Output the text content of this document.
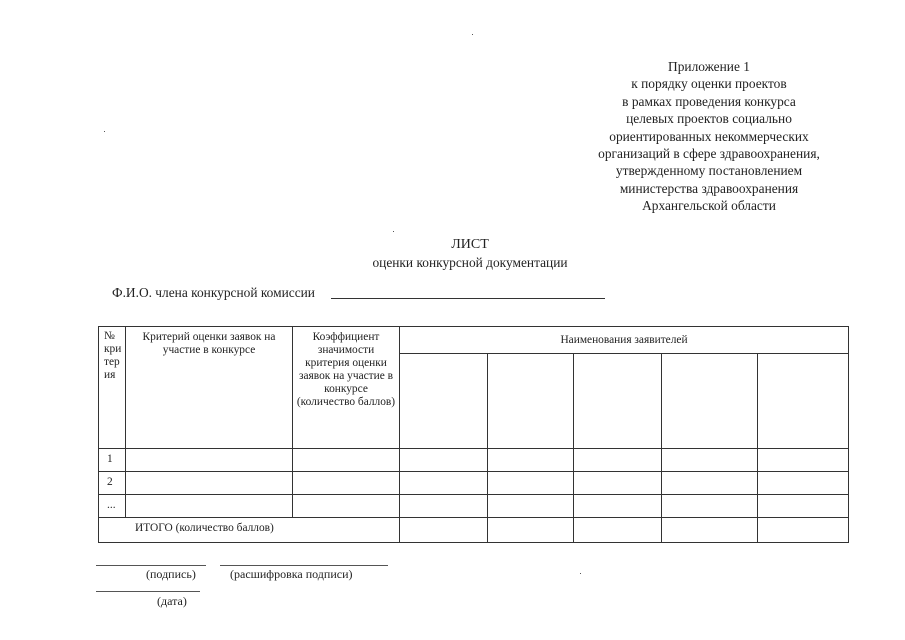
Приложение 1
к порядку оценки проектов
в рамках проведения конкурса
целевых проектов социально
ориентированных некоммерческих
организаций в сфере здравоохранения,
утвержденному постановлением
министерства здравоохранения
Архангельской области
ЛИСТ
оценки конкурсной документации
Ф.И.О. члена конкурсной комиссии
№ кри тер ия	Критерий оценки заявок на участие в конкурсе	Коэффициент значимости критерия оценки заявок на участие в конкурсе (количество баллов)	Наименования заявителей				

1							
2							
...							
ИТОГО (количество баллов)							
(подпись)	(расшифровка подписи)
(дата)
